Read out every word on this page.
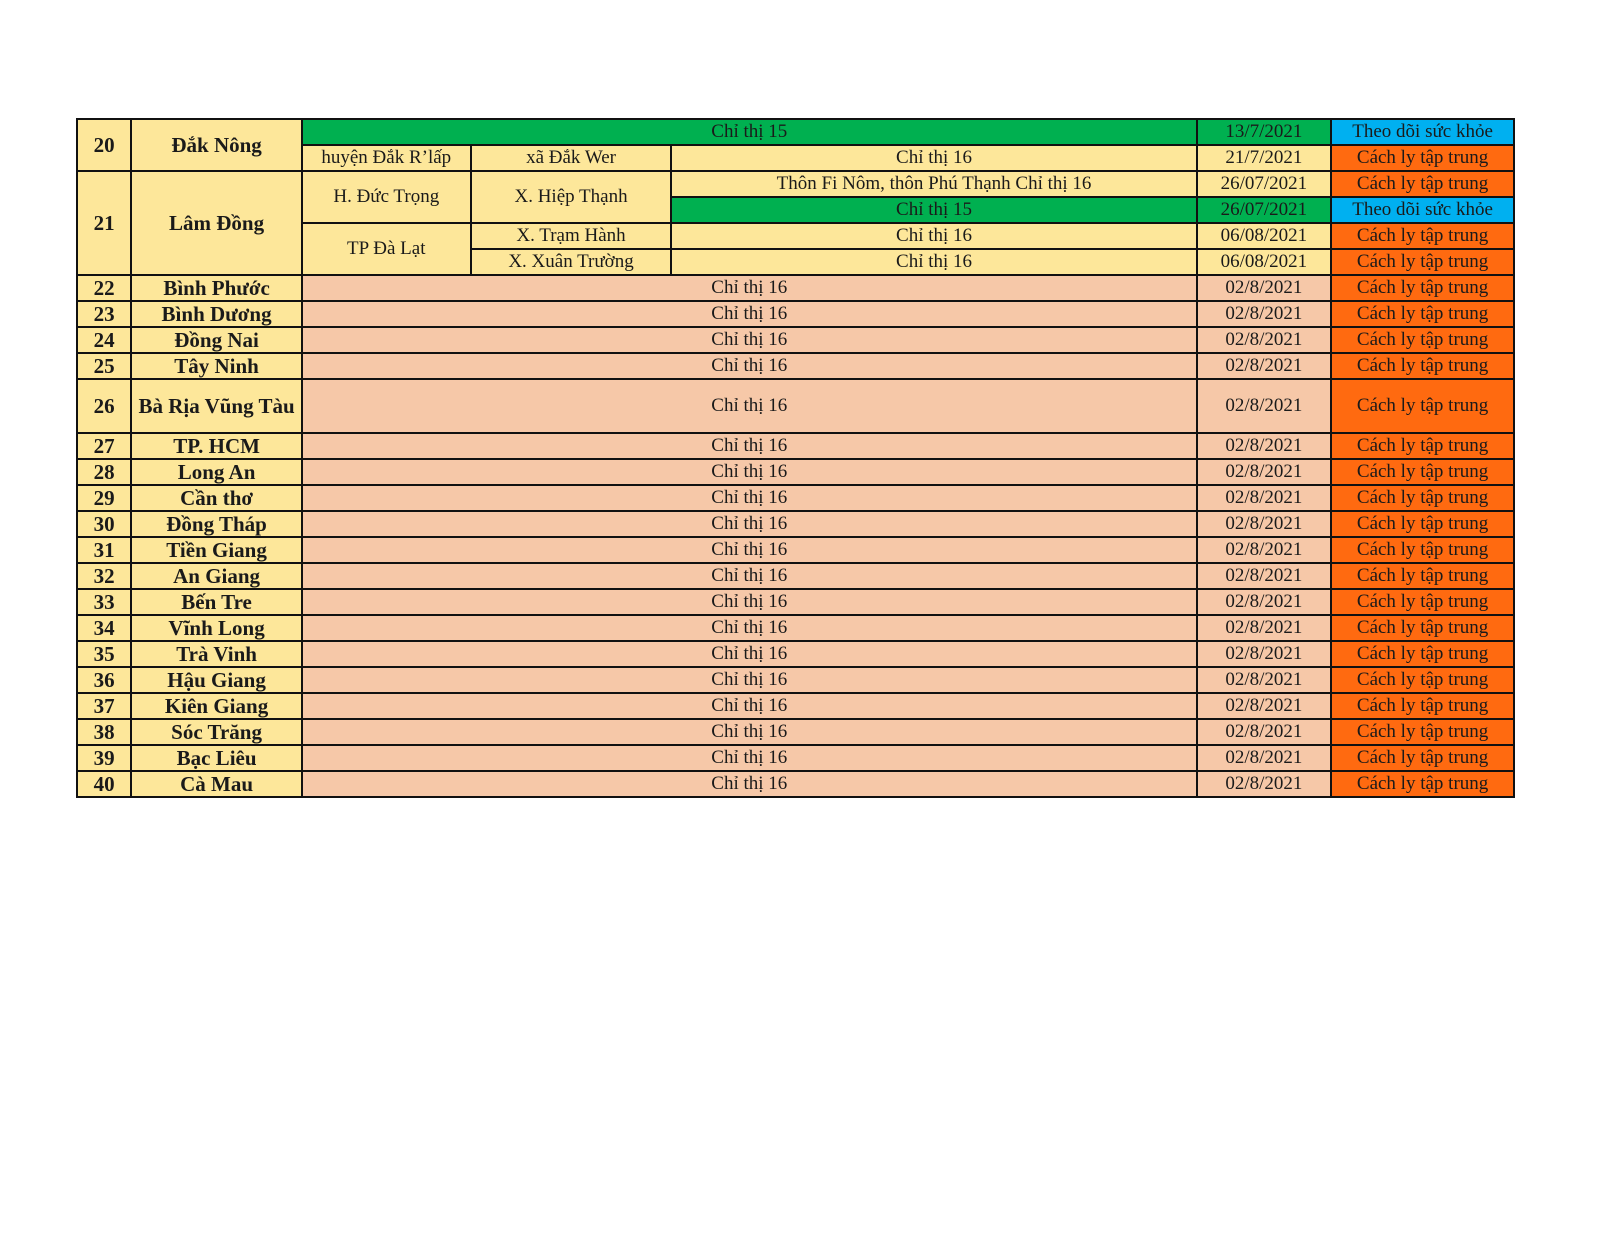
20	Đắk Nông	Chỉ thị 15			13/7/2021	Theo dõi sức khỏe
		huyện Đắk R’lấp	xã Đắk Wer	Chỉ thị 16	21/7/2021	Cách ly tập trung
21	Lâm Đồng	H. Đức Trọng	X. Hiệp Thạnh	Thôn Fi Nôm, thôn Phú Thạnh Chỉ thị 16	26/07/2021	Cách ly tập trung
				Chỉ thị 15	26/07/2021	Theo dõi sức khỏe
		TP Đà Lạt	X. Trạm Hành	Chỉ thị 16	06/08/2021	Cách ly tập trung
			X. Xuân Trường	Chỉ thị 16	06/08/2021	Cách ly tập trung
22	Bình Phước	Chỉ thị 16			02/8/2021	Cách ly tập trung
23	Bình Dương	Chỉ thị 16			02/8/2021	Cách ly tập trung
24	Đồng Nai	Chỉ thị 16			02/8/2021	Cách ly tập trung
25	Tây Ninh	Chỉ thị 16			02/8/2021	Cách ly tập trung
26	Bà Rịa Vũng Tàu	Chỉ thị 16			02/8/2021	Cách ly tập trung
27	TP. HCM	Chỉ thị 16			02/8/2021	Cách ly tập trung
28	Long An	Chỉ thị 16			02/8/2021	Cách ly tập trung
29	Cần thơ	Chỉ thị 16			02/8/2021	Cách ly tập trung
30	Đồng Tháp	Chỉ thị 16			02/8/2021	Cách ly tập trung
31	Tiền Giang	Chỉ thị 16			02/8/2021	Cách ly tập trung
32	An Giang	Chỉ thị 16			02/8/2021	Cách ly tập trung
33	Bến Tre	Chỉ thị 16			02/8/2021	Cách ly tập trung
34	Vĩnh Long	Chỉ thị 16			02/8/2021	Cách ly tập trung
35	Trà Vinh	Chỉ thị 16			02/8/2021	Cách ly tập trung
36	Hậu Giang	Chỉ thị 16			02/8/2021	Cách ly tập trung
37	Kiên Giang	Chỉ thị 16			02/8/2021	Cách ly tập trung
38	Sóc Trăng	Chỉ thị 16			02/8/2021	Cách ly tập trung
39	Bạc Liêu	Chỉ thị 16			02/8/2021	Cách ly tập trung
40	Cà Mau	Chỉ thị 16			02/8/2021	Cách ly tập trung
